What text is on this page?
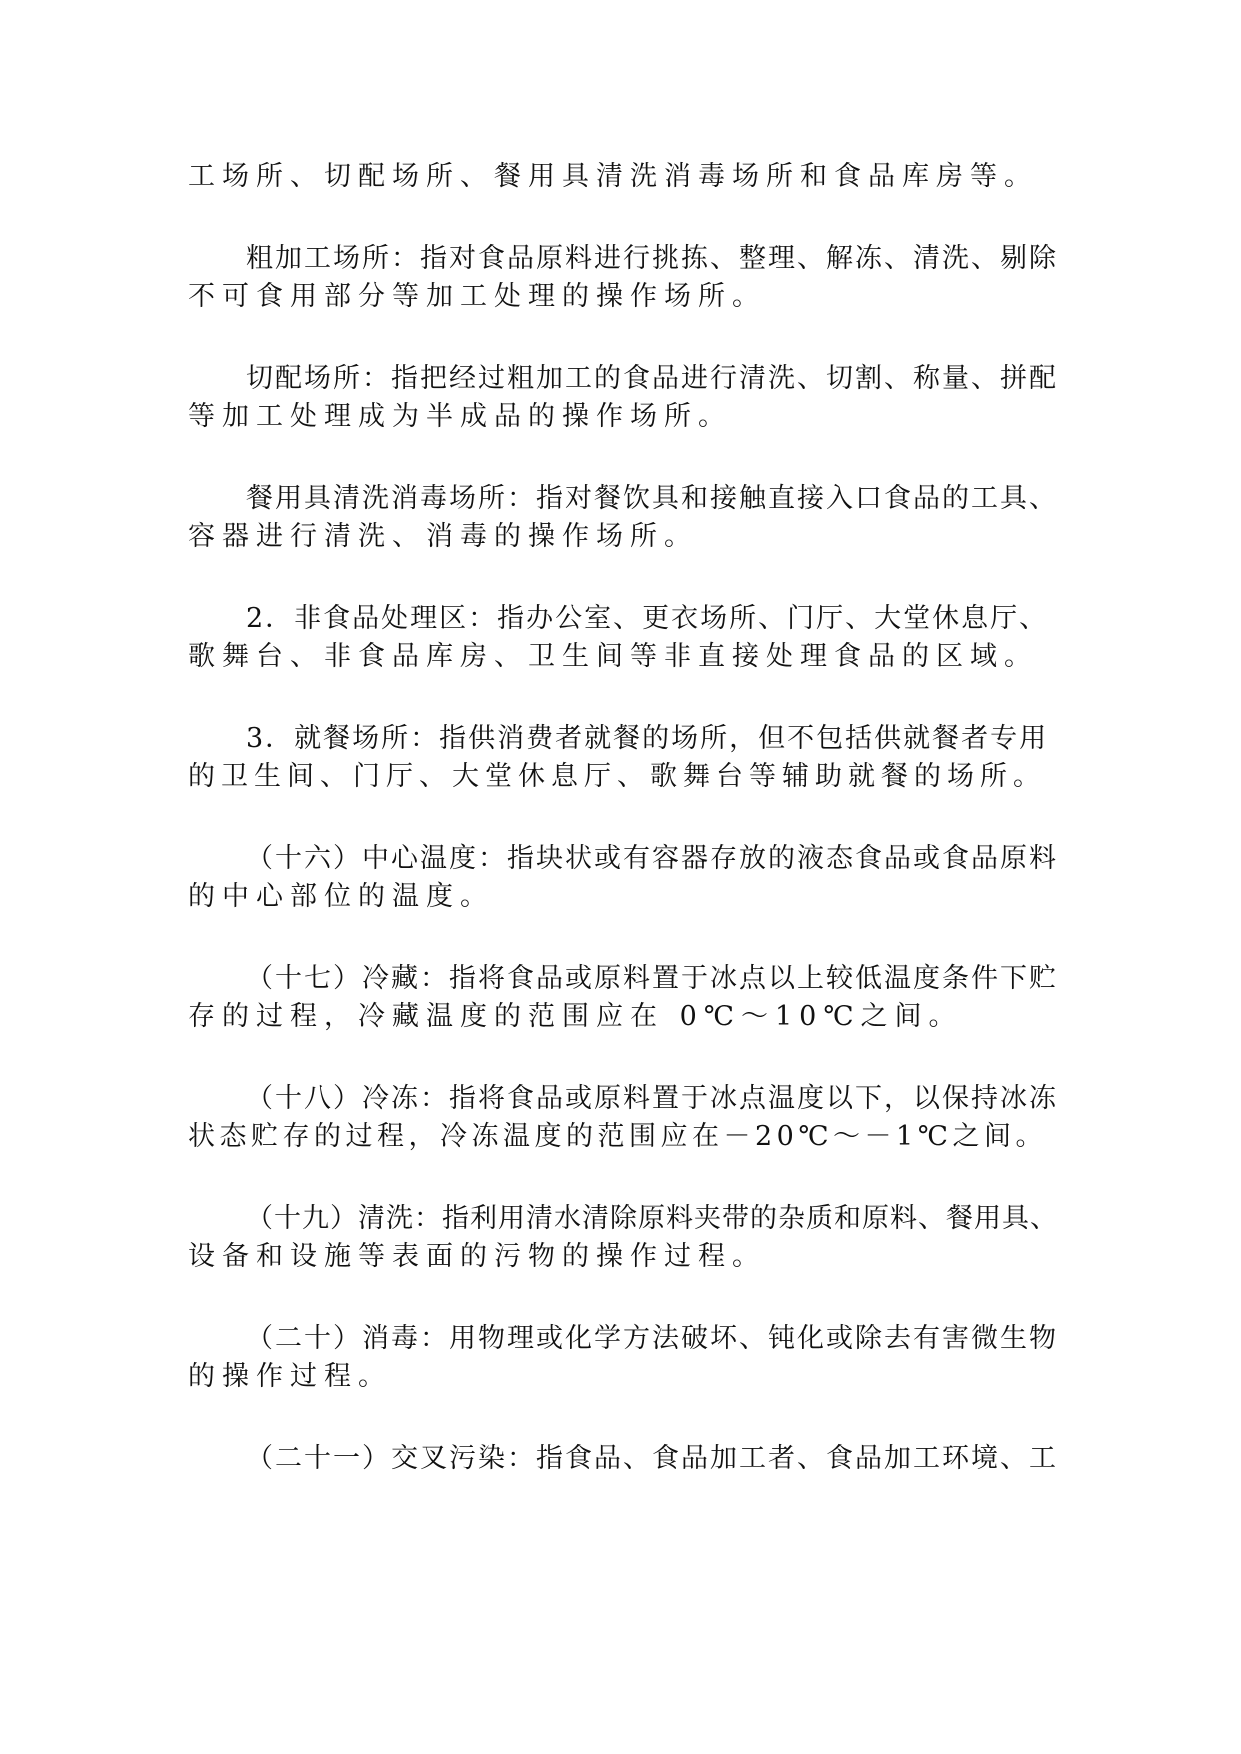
工场所、切配场所、餐用具清洗消毒场所和食品库房等。
粗加工场所：指对食品原料进行挑拣、整理、解冻、清洗、剔除
不可食用部分等加工处理的操作场所。
切配场所：指把经过粗加工的食品进行清洗、切割、称量、拼配
等加工处理成为半成品的操作场所。
餐用具清洗消毒场所：指对餐饮具和接触直接入口食品的工具、
容器进行清洗、消毒的操作场所。
2．非食品处理区：指办公室、更衣场所、门厅、大堂休息厅、
歌舞台、非食品库房、卫生间等非直接处理食品的区域。
3．就餐场所：指供消费者就餐的场所，但不包括供就餐者专用
的卫生间、门厅、大堂休息厅、歌舞台等辅助就餐的场所。
（十六）中心温度：指块状或有容器存放的液态食品或食品原料
的中心部位的温度。
（十七）冷藏：指将食品或原料置于冰点以上较低温度条件下贮
存的过程，冷藏温度的范围应在 0℃～10℃之间。
（十八）冷冻：指将食品或原料置于冰点温度以下，以保持冰冻
状态贮存的过程，冷冻温度的范围应在－20℃～－1℃之间。
（十九）清洗：指利用清水清除原料夹带的杂质和原料、餐用具、
设备和设施等表面的污物的操作过程。
（二十）消毒：用物理或化学方法破坏、钝化或除去有害微生物
的操作过程。
（二十一）交叉污染：指食品、食品加工者、食品加工环境、工
